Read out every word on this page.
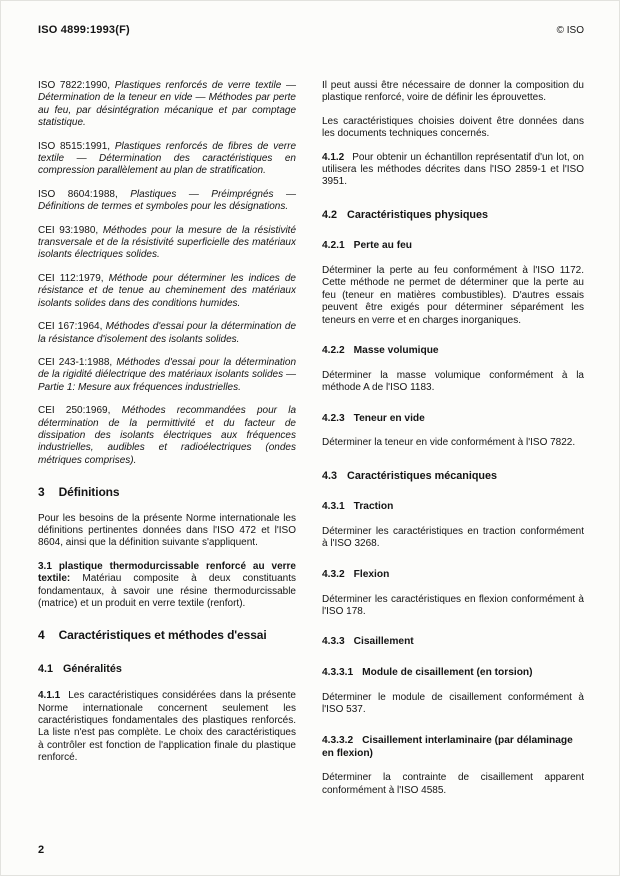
ISO 4899:1993(F)	© ISO

ISO 7822:1990, Plastiques renforcés de verre textile — Détermination de la teneur en vide — Méthodes par perte au feu, par désintégration mécanique et par comptage statistique.

ISO 8515:1991, Plastiques renforcés de fibres de verre textile — Détermination des caractéristiques en compression parallèlement au plan de stratification.

ISO 8604:1988, Plastiques — Préimprégnés — Définitions de termes et symboles pour les désignations.

CEI 93:1980, Méthodes pour la mesure de la résistivité transversale et de la résistivité superficielle des matériaux isolants électriques solides.

CEI 112:1979, Méthode pour déterminer les indices de résistance et de tenue au cheminement des matériaux isolants solides dans des conditions humides.

CEI 167:1964, Méthodes d'essai pour la détermination de la résistance d'isolement des isolants solides.

CEI 243-1:1988, Méthodes d'essai pour la détermination de la rigidité diélectrique des matériaux isolants solides — Partie 1: Mesure aux fréquences industrielles.

CEI 250:1969, Méthodes recommandées pour la détermination de la permittivité et du facteur de dissipation des isolants électriques aux fréquences industrielles, audibles et radioélectriques (ondes métriques comprises).

3 Définitions

Pour les besoins de la présente Norme internationale les définitions pertinentes données dans l'ISO 472 et l'ISO 8604, ainsi que la définition suivante s'appliquent.

3.1 plastique thermodurcissable renforcé au verre textile: Matériau composite à deux constituants fondamentaux, à savoir une résine thermodurcissable (matrice) et un produit en verre textile (renfort).

4 Caractéristiques et méthodes d'essai
4.1 Généralités

4.1.1 Les caractéristiques considérées dans la présente Norme internationale concernent seulement les caractéristiques fondamentales des plastiques renforcés. La liste n'est pas complète. Le choix des caractéristiques à contrôler est fonction de l'application finale du plastique renforcé.

Il peut aussi être nécessaire de donner la composition du plastique renforcé, voire de définir les éprouvettes.

Les caractéristiques choisies doivent être données dans les documents techniques concernés.

4.1.2 Pour obtenir un échantillon représentatif d'un lot, on utilisera les méthodes décrites dans l'ISO 2859-1 et l'ISO 3951.

4.2 Caractéristiques physiques
4.2.1 Perte au feu

Déterminer la perte au feu conformément à l'ISO 1172. Cette méthode ne permet de déterminer que la perte au feu (teneur en matières combustibles). D'autres essais peuvent être exigés pour déterminer séparément les teneurs en verre et en charges inorganiques.

4.2.2 Masse volumique

Déterminer la masse volumique conformément à la méthode A de l'ISO 1183.

4.2.3 Teneur en vide

Déterminer la teneur en vide conformément à l'ISO 7822.

4.3 Caractéristiques mécaniques
4.3.1 Traction

Déterminer les caractéristiques en traction conformément à l'ISO 3268.

4.3.2 Flexion

Déterminer les caractéristiques en flexion conformément à l'ISO 178.

4.3.3 Cisaillement
4.3.3.1 Module de cisaillement (en torsion)

Déterminer le module de cisaillement conformément à l'ISO 537.

4.3.3.2 Cisaillement interlaminaire (par délaminage en flexion)

Déterminer la contrainte de cisaillement apparent conformément à l'ISO 4585.

2
